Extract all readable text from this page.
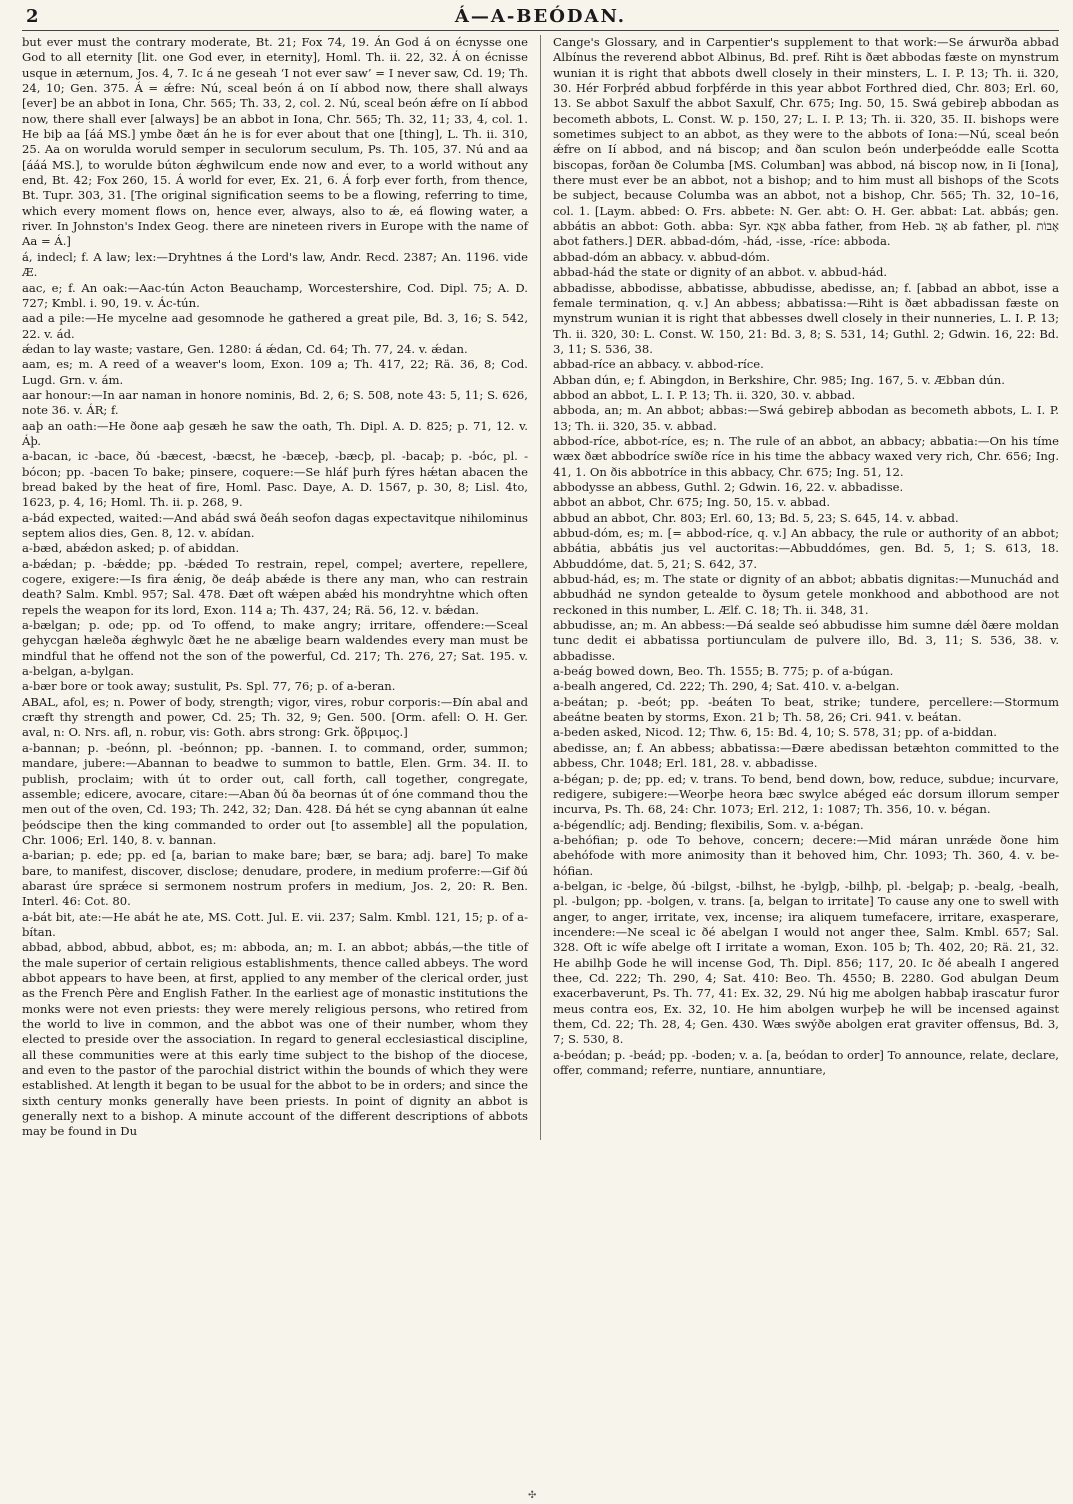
2	Á—A-BEÓDAN.

but ever must the contrary moderate, Bt. 21; Fox 74, 19. Án God á on écnysse one God to all eternity [lit. one God ever, in eternity], Homl. Th. ii. 22, 32. Á on écnisse usque in æternum, Jos. 4, 7. Ic á ne geseah ‘I not ever saw’ = I never saw, Cd. 19; Th. 24, 10; Gen. 375. Á = ǽfre: Nú, sceal beón á on Ií abbod now, there shall always [ever] be an abbot in Iona, Chr. 565; Th. 33, 2, col. 2. Nú, sceal beón ǽfre on Ií abbod now, there shall ever [always] be an abbot in Iona, Chr. 565; Th. 32, 11; 33, 4, col. 1. He biþ aa [áá MS.] ymbe ðæt án he is for ever about that one [thing], L. Th. ii. 310, 25. Aa on worulda woruld semper in seculorum seculum, Ps. Th. 105, 37. Nú and aa [ááá MS.], to worulde búton ǽghwilcum ende now and ever, to a world without any end, Bt. 42; Fox 260, 15. Á world for ever, Ex. 21, 6. Á forþ ever forth, from thence, Bt. Tupr. 303, 31. [The original signification seems to be a flowing, referring to time, which every moment flows on, hence ever, always, also to ǽ, eá flowing water, a river. In Johnston's Index Geog. there are nineteen rivers in Europe with the name of Aa = Á.]

á, indecl; f. A law; lex:—Dryhtnes á the Lord's law, Andr. Recd. 2387; An. 1196. vide Æ.

aac, e; f. An oak:—Aac-tún Acton Beauchamp, Worcestershire, Cod. Dipl. 75; A. D. 727; Kmbl. i. 90, 19. v. Ác-tún.

aad a pile:—He mycelne aad gesomnode he gathered a great pile, Bd. 3, 16; S. 542, 22. v. ád.

ǽdan to lay waste; vastare, Gen. 1280: á ǽdan, Cd. 64; Th. 77, 24. v. ǽdan.

aam, es; m. A reed of a weaver's loom, Exon. 109 a; Th. 417, 22; Rä. 36, 8; Cod. Lugd. Grn. v. ám.

aar honour:—In aar naman in honore nominis, Bd. 2, 6; S. 508, note 43: 5, 11; S. 626, note 36. v. ÁR; f.

aaþ an oath:—He ðone aaþ gesæh he saw the oath, Th. Dipl. A. D. 825; p. 71, 12. v. Áþ.

a-bacan, ic -bace, ðú -bæcest, -bæcst, he -bæceþ, -bæcþ, pl. -bacaþ; p. -bóc, pl. -bócon; pp. -bacen To bake; pinsere, coquere:—Se hláf þurh fýres hǽtan abacen the bread baked by the heat of fire, Homl. Pasc. Daye, A. D. 1567, p. 30, 8; Lisl. 4to, 1623, p. 4, 16; Homl. Th. ii. p. 268, 9.

a-bád expected, waited:—And abád swá ðeáh seofon dagas expectavitque nihilominus septem alios dies, Gen. 8, 12. v. abídan.

a-bæd, abǽdon asked; p. of abiddan.

a-bǽdan; p. -bǽdde; pp. -bǽded To restrain, repel, compel; avertere, repellere, cogere, exigere:—Is fira ǽnig, ðe deáþ abǽde is there any man, who can restrain death? Salm. Kmbl. 957; Sal. 478. Ðæt oft wǽpen abǽd his mondryhtne which often repels the weapon for its lord, Exon. 114 a; Th. 437, 24; Rä. 56, 12. v. bǽdan.

a-bælgan; p. ode; pp. od To offend, to make angry; irritare, offendere:—Sceal gehycgan hæleða ǽghwylc ðæt he ne abælige bearn waldendes every man must be mindful that he offend not the son of the powerful, Cd. 217; Th. 276, 27; Sat. 195. v. a-belgan, a-bylgan.

a-bær bore or took away; sustulit, Ps. Spl. 77, 76; p. of a-beran.

ABAL, afol, es; n. Power of body, strength; vigor, vires, robur corporis:—Ðín abal and cræft thy strength and power, Cd. 25; Th. 32, 9; Gen. 500. [Orm. afell: O. H. Ger. aval, n: O. Nrs. afl, n. robur, vis: Goth. abrs strong: Grk. ὄβριμος.]

a-bannan; p. -beónn, pl. -beónnon; pp. -bannen. I. to command, order, summon; mandare, jubere:—Abannan to beadwe to summon to battle, Elen. Grm. 34. II. to publish, proclaim; with út to order out, call forth, call together, congregate, assemble; edicere, avocare, citare:—Aban ðú ða beornas út of óne command thou the men out of the oven, Cd. 193; Th. 242, 32; Dan. 428. Ðá hét se cyng abannan út ealne þeódscipe then the king commanded to order out [to assemble] all the population, Chr. 1006; Erl. 140, 8. v. bannan.

a-barian; p. ede; pp. ed [a, barian to make bare; bær, se bara; adj. bare] To make bare, to manifest, discover, disclose; denudare, prodere, in medium proferre:—Gif ðú abarast úre sprǽce si sermonem nostrum profers in medium, Jos. 2, 20: R. Ben. Interl. 46: Cot. 80.

a-bát bit, ate:—He abát he ate, MS. Cott. Jul. E. vii. 237; Salm. Kmbl. 121, 15; p. of a-bítan.

abbad, abbod, abbud, abbot, es; m: abboda, an; m. I. an abbot; abbás,—the title of the male superior of certain religious establishments, thence called abbeys. The word abbot appears to have been, at first, applied to any member of the clerical order, just as the French Père and English Father. In the earliest age of monastic institutions the monks were not even priests: they were merely religious persons, who retired from the world to live in common, and the abbot was one of their number, whom they elected to preside over the association. In regard to general ecclesiastical discipline, all these communities were at this early time subject to the bishop of the diocese, and even to the pastor of the parochial district within the bounds of which they were established. At length it began to be usual for the abbot to be in orders; and since the sixth century monks generally have been priests. In point of dignity an abbot is generally next to a bishop. A minute account of the different descriptions of abbots may be found in Du

Cange's Glossary, and in Carpentier's supplement to that work:—Se árwurða abbad Albínus the reverend abbot Albinus, Bd. pref. Riht is ðæt abbodas fæste on mynstrum wunian it is right that abbots dwell closely in their minsters, L. I. P. 13; Th. ii. 320, 30. Hér Forþréd abbud forþférde in this year abbot Forthred died, Chr. 803; Erl. 60, 13. Se abbot Saxulf the abbot Saxulf, Chr. 675; Ing. 50, 15. Swá gebireþ abbodan as becometh abbots, L. Const. W. p. 150, 27; L. I. P. 13; Th. ii. 320, 35. II. bishops were sometimes subject to an abbot, as they were to the abbots of Iona:—Nú, sceal beón ǽfre on Ií abbod, and ná biscop; and ðan sculon beón underþeódde ealle Scotta biscopas, forðan ðe Columba [MS. Columban] was abbod, ná biscop now, in Ii [Iona], there must ever be an abbot, not a bishop; and to him must all bishops of the Scots be subject, because Columba was an abbot, not a bishop, Chr. 565; Th. 32, 10–16, col. 1. [Laym. abbed: O. Frs. abbete: N. Ger. abt: O. H. Ger. abbat: Lat. abbás; gen. abbátis an abbot: Goth. abba: Syr. אַבָּא abba father, from Heb. אָב ab father, pl. אָבוֹת abot fathers.] DER. abbad-dóm, -hád, -isse, -ríce: abboda.

abbad-dóm an abbacy. v. abbud-dóm.

abbad-hád the state or dignity of an abbot. v. abbud-hád.

abbadisse, abbodisse, abbatisse, abbudisse, abedisse, an; f. [abbad an abbot, isse a female termination, q. v.] An abbess; abbatissa:—Riht is ðæt abbadissan fæste on mynstrum wunian it is right that abbesses dwell closely in their nunneries, L. I. P. 13; Th. ii. 320, 30: L. Const. W. 150, 21: Bd. 3, 8; S. 531, 14; Guthl. 2; Gdwin. 16, 22: Bd. 3, 11; S. 536, 38.

abbad-ríce an abbacy. v. abbod-ríce.

Abban dún, e; f. Abingdon, in Berkshire, Chr. 985; Ing. 167, 5. v. Æbban dún.

abbod an abbot, L. I. P. 13; Th. ii. 320, 30. v. abbad.

abboda, an; m. An abbot; abbas:—Swá gebireþ abbodan as becometh abbots, L. I. P. 13; Th. ii. 320, 35. v. abbad.

abbod-ríce, abbot-ríce, es; n. The rule of an abbot, an abbacy; abbatia:—On his tíme wæx ðæt abbodríce swíðe ríce in his time the abbacy waxed very rich, Chr. 656; Ing. 41, 1. On ðis abbotríce in this abbacy, Chr. 675; Ing. 51, 12.

abbodysse an abbess, Guthl. 2; Gdwin. 16, 22. v. abbadisse.

abbot an abbot, Chr. 675; Ing. 50, 15. v. abbad.

abbud an abbot, Chr. 803; Erl. 60, 13; Bd. 5, 23; S. 645, 14. v. abbad.

abbud-dóm, es; m. [= abbod-ríce, q. v.] An abbacy, the rule or authority of an abbot; abbátia, abbátis jus vel auctoritas:—Abbuddómes, gen. Bd. 5, 1; S. 613, 18. Abbuddóme, dat. 5, 21; S. 642, 37.

abbud-hád, es; m. The state or dignity of an abbot; abbatis dignitas:—Munuchád and abbudhád ne syndon getealde to ðysum getele monkhood and abbothood are not reckoned in this number, L. Ælf. C. 18; Th. ii. 348, 31.

abbudisse, an; m. An abbess:—Ðá sealde seó abbudisse him sumne dǽl ðære moldan tunc dedit ei abbatissa portiunculam de pulvere illo, Bd. 3, 11; S. 536, 38. v. abbadisse.

a-beág bowed down, Beo. Th. 1555; B. 775; p. of a-búgan.

a-bealh angered, Cd. 222; Th. 290, 4; Sat. 410. v. a-belgan.

a-beátan; p. -beót; pp. -beáten To beat, strike; tundere, percellere:—Stormum abeátne beaten by storms, Exon. 21 b; Th. 58, 26; Cri. 941. v. beátan.

a-beden asked, Nicod. 12; Thw. 6, 15: Bd. 4, 10; S. 578, 31; pp. of a-biddan.

abedisse, an; f. An abbess; abbatissa:—Ðære abedissan betæhton committed to the abbess, Chr. 1048; Erl. 181, 28. v. abbadisse.

a-bégan; p. de; pp. ed; v. trans. To bend, bend down, bow, reduce, subdue; incurvare, redigere, subigere:—Weorþe heora bæc swylce abéged eác dorsum illorum semper incurva, Ps. Th. 68, 24: Chr. 1073; Erl. 212, 1: 1087; Th. 356, 10. v. bégan.

a-bégendlíc; adj. Bending; flexibilis, Som. v. a-bégan.

a-behófian; p. ode To behove, concern; decere:—Mid máran unrǽde ðone him abehófode with more animosity than it behoved him, Chr. 1093; Th. 360, 4. v. be-hófian.

a-belgan, ic -belge, ðú -bilgst, -bilhst, he -bylgþ, -bilhþ, pl. -belgaþ; p. -bealg, -bealh, pl. -bulgon; pp. -bolgen, v. trans. [a, belgan to irritate] To cause any one to swell with anger, to anger, irritate, vex, incense; ira aliquem tumefacere, irritare, exasperare, incendere:—Ne sceal ic ðé abelgan I would not anger thee, Salm. Kmbl. 657; Sal. 328. Oft ic wífe abelge oft I irritate a woman, Exon. 105 b; Th. 402, 20; Rä. 21, 32. He abilhþ Gode he will incense God, Th. Dipl. 856; 117, 20. Ic ðé abealh I angered thee, Cd. 222; Th. 290, 4; Sat. 410: Beo. Th. 4550; B. 2280. God abulgan Deum exacerbaverunt, Ps. Th. 77, 41: Ex. 32, 29. Nú hig me abolgen habbaþ irascatur furor meus contra eos, Ex. 32, 10. He him abolgen wurþeþ he will be incensed against them, Cd. 22; Th. 28, 4; Gen. 430. Wæs swýðe abolgen erat graviter offensus, Bd. 3, 7; S. 530, 8.

a-beódan; p. -beád; pp. -boden; v. a. [a, beódan to order] To announce, relate, declare, offer, command; referre, nuntiare, annuntiare,

✣
